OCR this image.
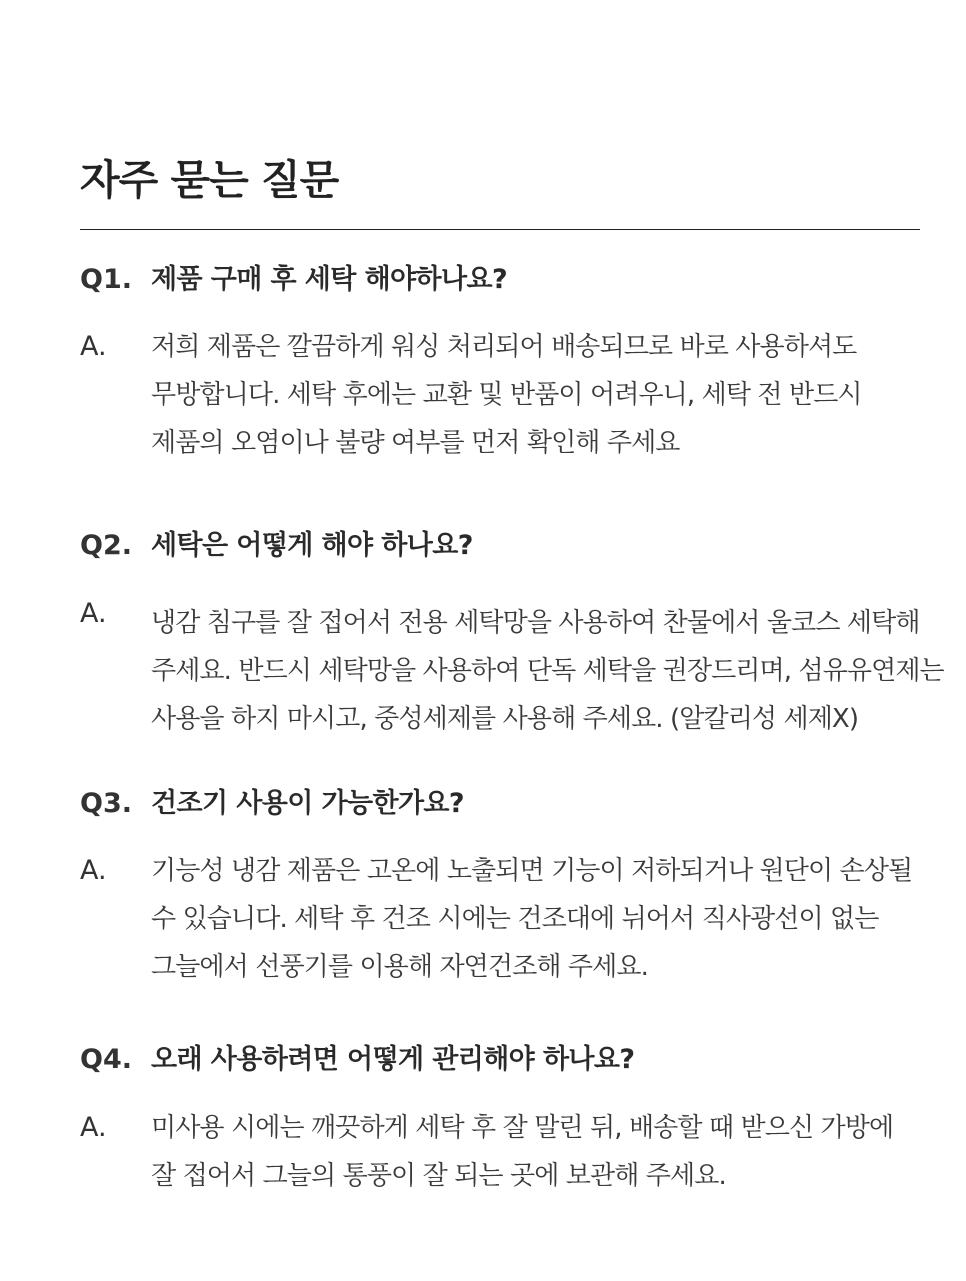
자주 묻는 질문
Q1. 제품 구매 후 세탁 해야하나요?
A. 저희 제품은 깔끔하게 워싱 처리되어 배송되므로 바로 사용하셔도
무방합니다. 세탁 후에는 교환 및 반품이 어려우니, 세탁 전 반드시
제품의 오염이나 불량 여부를 먼저 확인해 주세요
Q2. 세탁은 어떻게 해야 하나요?
A. 냉감 침구를 잘 접어서 전용 세탁망을 사용하여 찬물에서 울코스 세탁해
주세요. 반드시 세탁망을 사용하여 단독 세탁을 권장드리며, 섬유유연제는
사용을 하지 마시고, 중성세제를 사용해 주세요. (알칼리성 세제X)
Q3. 건조기 사용이 가능한가요?
A. 기능성 냉감 제품은 고온에 노출되면 기능이 저하되거나 원단이 손상될
수 있습니다. 세탁 후 건조 시에는 건조대에 뉘어서 직사광선이 없는
그늘에서 선풍기를 이용해 자연건조해 주세요.
Q4. 오래 사용하려면 어떻게 관리해야 하나요?
A. 미사용 시에는 깨끗하게 세탁 후 잘 말린 뒤, 배송할 때 받으신 가방에
잘 접어서 그늘의 통풍이 잘 되는 곳에 보관해 주세요.
